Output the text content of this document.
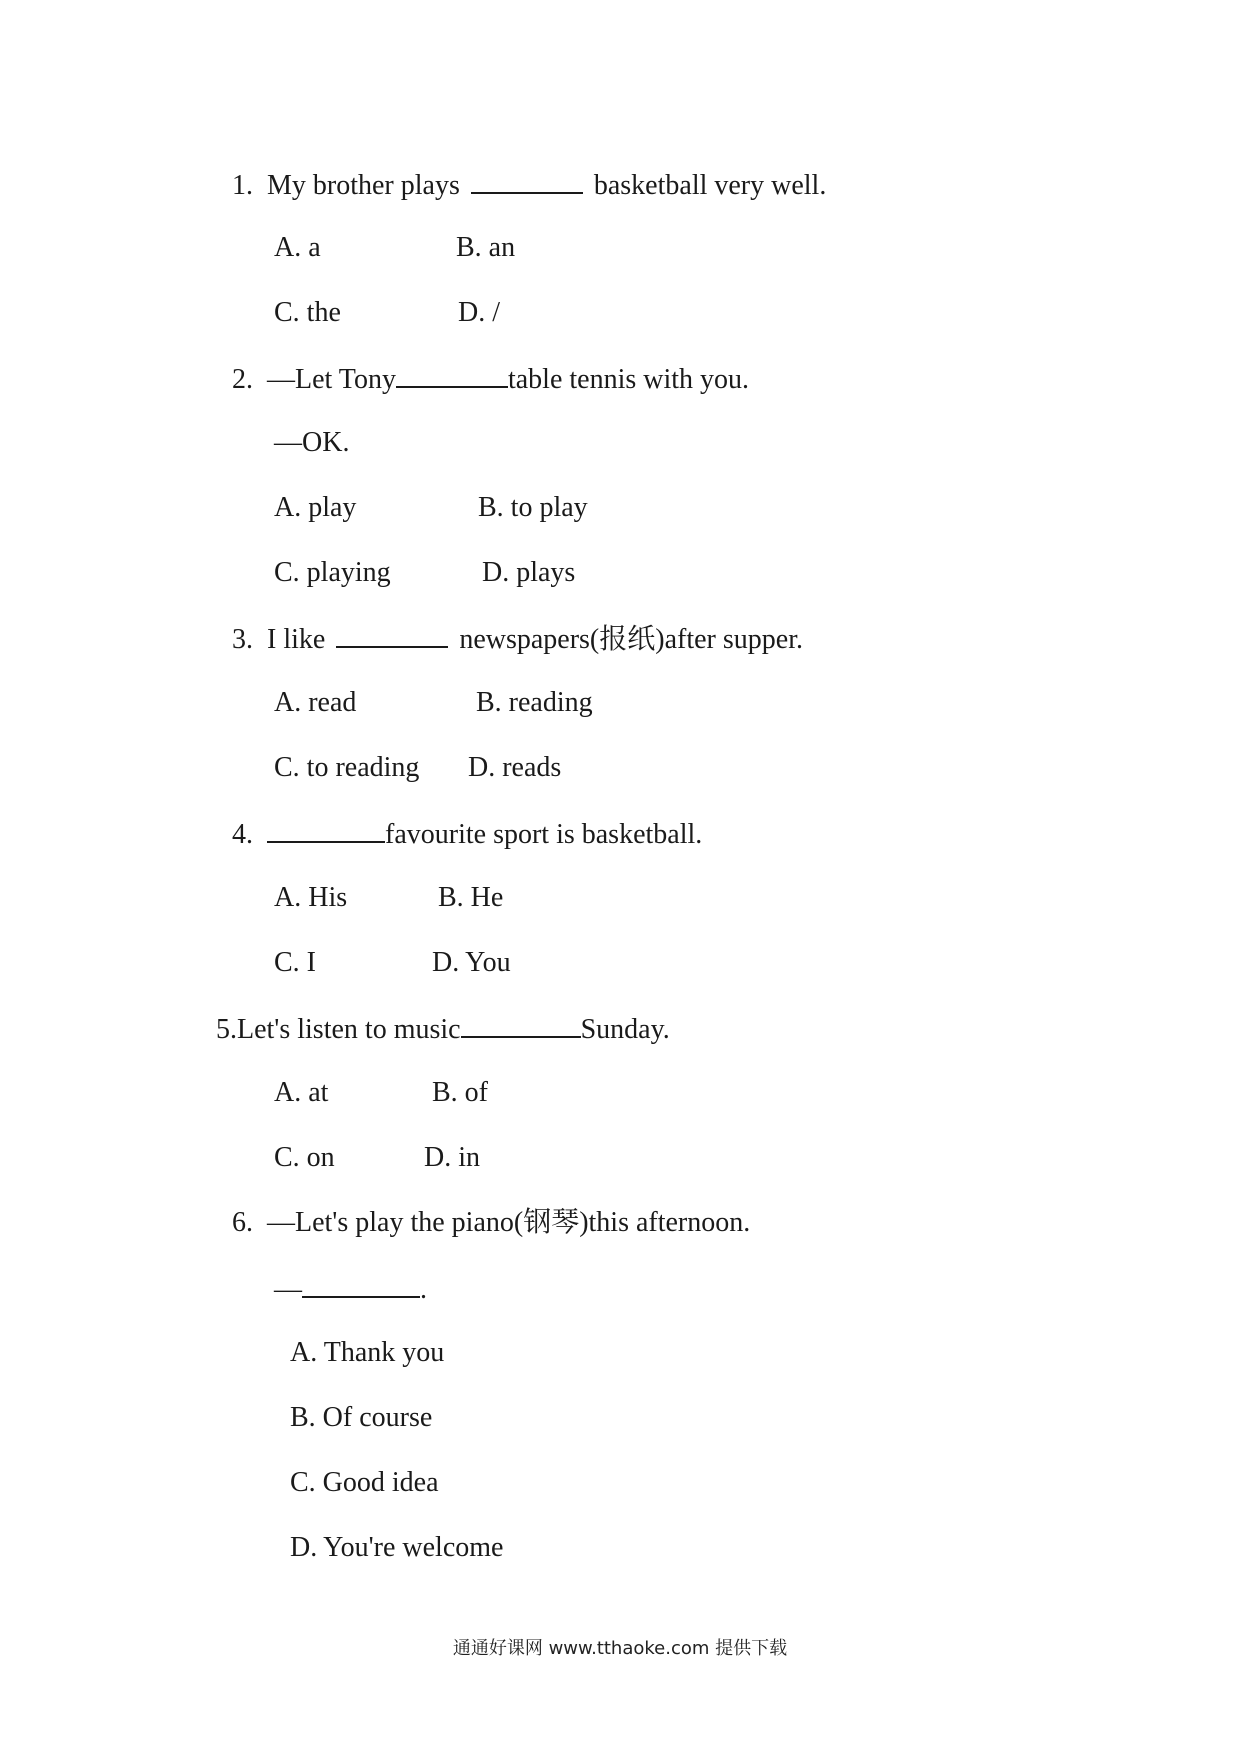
1. My brother plays	basketball very well.
A. a	B. an
C. the	D. /
2. —Let Tony	table tennis with you.
—OK.
A. play	B. to play
C. playing	D. plays
3. I like	newspapers(报纸)after supper.
A. read	B. reading
C. to reading D. reads
4.	favourite sport is basketball.
A. His	B. He
C. I	D. You
5.Let's listen to music	Sunday.
A. at	B. of
C. on	D. in
6. —Let's play the piano(钢琴)this afternoon.
—	.
A. Thank you
B. Of course
C. Good idea
D. You're welcome
通通好课网 www.tthaoke.com 提供下载
